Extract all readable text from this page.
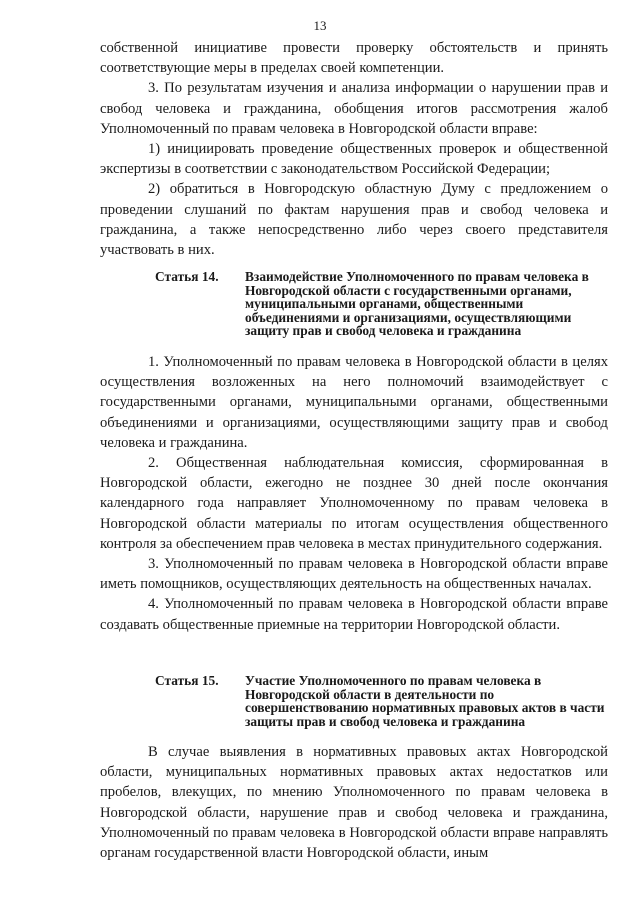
13

собственной инициативе провести проверку обстоятельств и принять соответствующие меры в пределах своей компетенции.

3. По результатам изучения и анализа информации о нарушении прав и свобод человека и гражданина, обобщения итогов рассмотрения жалоб Уполномоченный по правам человека в Новгородской области вправе:

1) инициировать проведение общественных проверок и общественной экспертизы в соответствии с законодательством Российской Федерации;

2) обратиться в Новгородскую областную Думу с предложением о проведении слушаний по фактам нарушения прав и свобод человека и гражданина, а также непосредственно либо через своего представителя участвовать в них.

Статья 14.	Взаимодействие Уполномоченного по правам человека в Новгородской области с государственными органами, муниципальными органами, общественными объединениями и организациями, осуществляющими защиту прав и свобод человека и гражданина

1. Уполномоченный по правам человека в Новгородской области в целях осуществления возложенных на него полномочий взаимодействует с государственными органами, муниципальными органами, общественными объединениями и организациями, осуществляющими защиту прав и свобод человека и гражданина.

2. Общественная наблюдательная комиссия, сформированная в Новгородской области, ежегодно не позднее 30 дней после окончания календарного года направляет Уполномоченному по правам человека в Новгородской области материалы по итогам осуществления общественного контроля за обеспечением прав человека в местах принудительного содержания.

3. Уполномоченный по правам человека в Новгородской области вправе иметь помощников, осуществляющих деятельность на общественных началах.

4. Уполномоченный по правам человека в Новгородской области вправе создавать общественные приемные на территории Новгородской области.

Статья 15.	Участие Уполномоченного по правам человека в Новгородской области в деятельности по совершенствованию нормативных правовых актов в части защиты прав и свобод человека и гражданина

В случае выявления в нормативных правовых актах Новгородской области, муниципальных нормативных правовых актах недостатков или пробелов, влекущих, по мнению Уполномоченного по правам человека в Новгородской области, нарушение прав и свобод человека и гражданина, Уполномоченный по правам человека в Новгородской области вправе направлять органам государственной власти Новгородской области, иным
